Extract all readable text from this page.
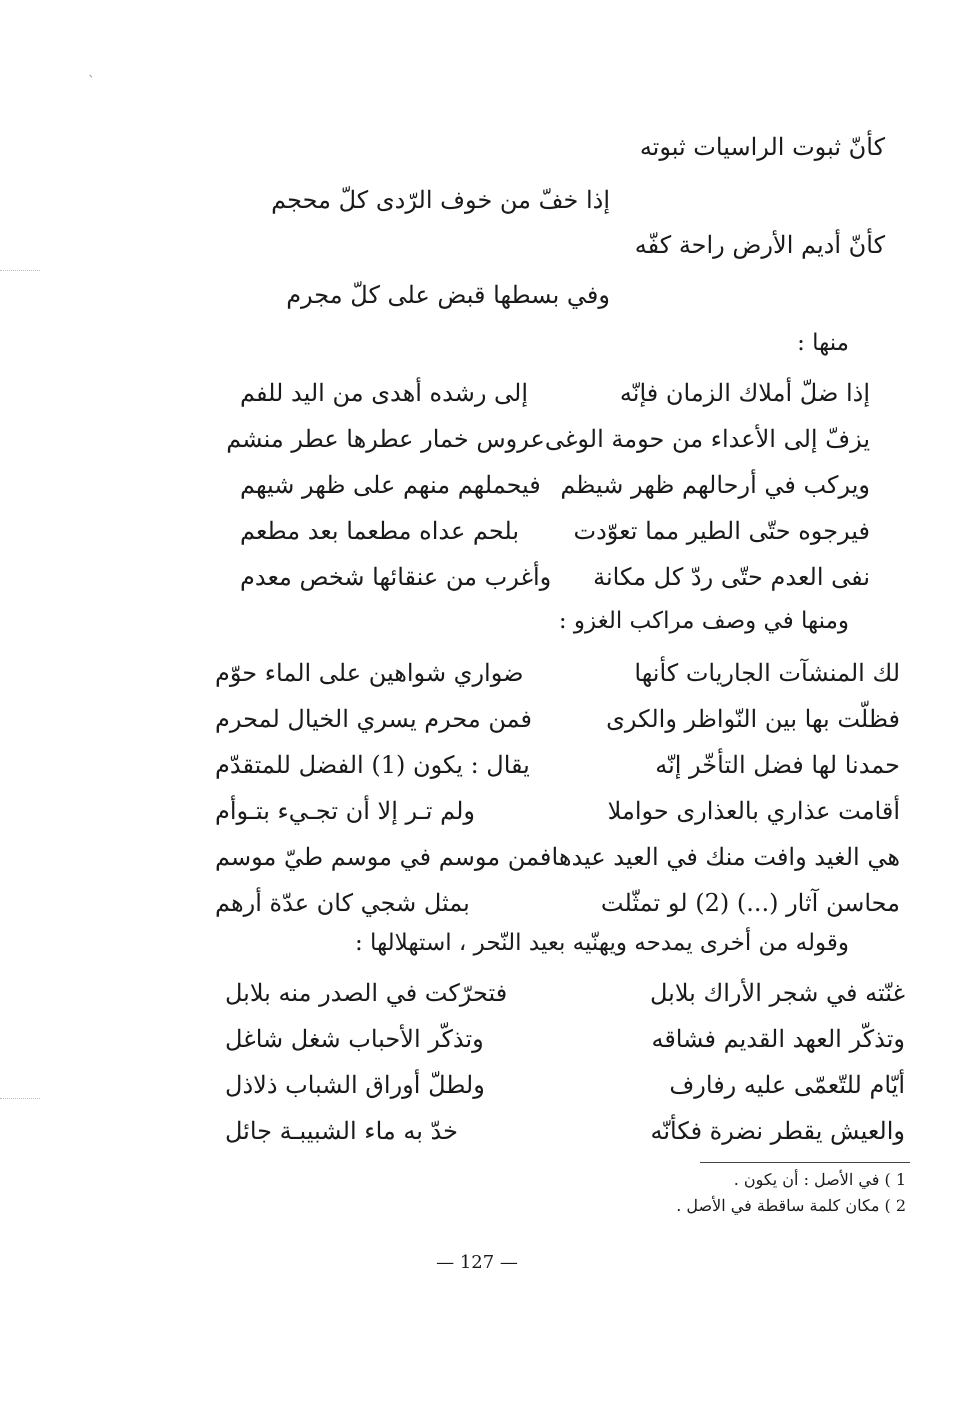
`
كأنّ ثبوت الراسيات ثبوته
إذا خفّ من خوف الرّدى كلّ محجم
كأنّ أديم الأرض راحة كفّه
وفي بسطها قبض على كلّ مجرم
منها :
إذا ضلّ أملاك الزمان فإنّه
إلى رشده أهدى من اليد للفم
يزفّ إلى الأعداء من حومة الوغى
عروس خمار عطرها عطر منشم
ويركب في أرحالهم ظهر شيظم
فيحملهم منهم على ظهر شيهم
فيرجوه حتّى الطير مما تعوّدت
بلحم عداه مطعما بعد مطعم
نفى العدم حتّى ردّ كل مكانة
وأغرب من عنقائها شخص معدم
ومنها في وصف مراكب الغزو :
لك المنشآت الجاريات كأنها
ضواري شواهين على الماء حوّم
فظلّت بها بين النّواظر والكرى
فمن محرم يسري الخيال لمحرم
حمدنا لها فضل التأخّر إنّه
يقال : يكون (1) الفضل للمتقدّم
أقامت عذاري بالعذارى حواملا
ولم تـر إلا أن تجـيء بتـوأم
هي الغيد وافت منك في العيد عيدها
فمن موسم في موسم طيّ موسم
محاسن آثار (...) (2) لو تمثّلت
بمثل شجي كان عدّة أرهم
وقوله من أخرى يمدحه ويهنّيه بعيد النّحر ، استهلالها :
غنّته في شجر الأراك بلابل
فتحرّكت في الصدر منه بلابل
وتذكّر العهد القديم فشاقه
وتذكّر الأحباب شغل شاغل
أيّام للتّعمّى عليه رفارف
ولطلّ أوراق الشباب ذلاذل
والعيش يقطر نضرة فكأنّه
خدّ به ماء الشبيبـة جائل
1 ) في الأصل : أن يكون .
2 ) مكان كلمة ساقطة في الأصل .
— 127 —
